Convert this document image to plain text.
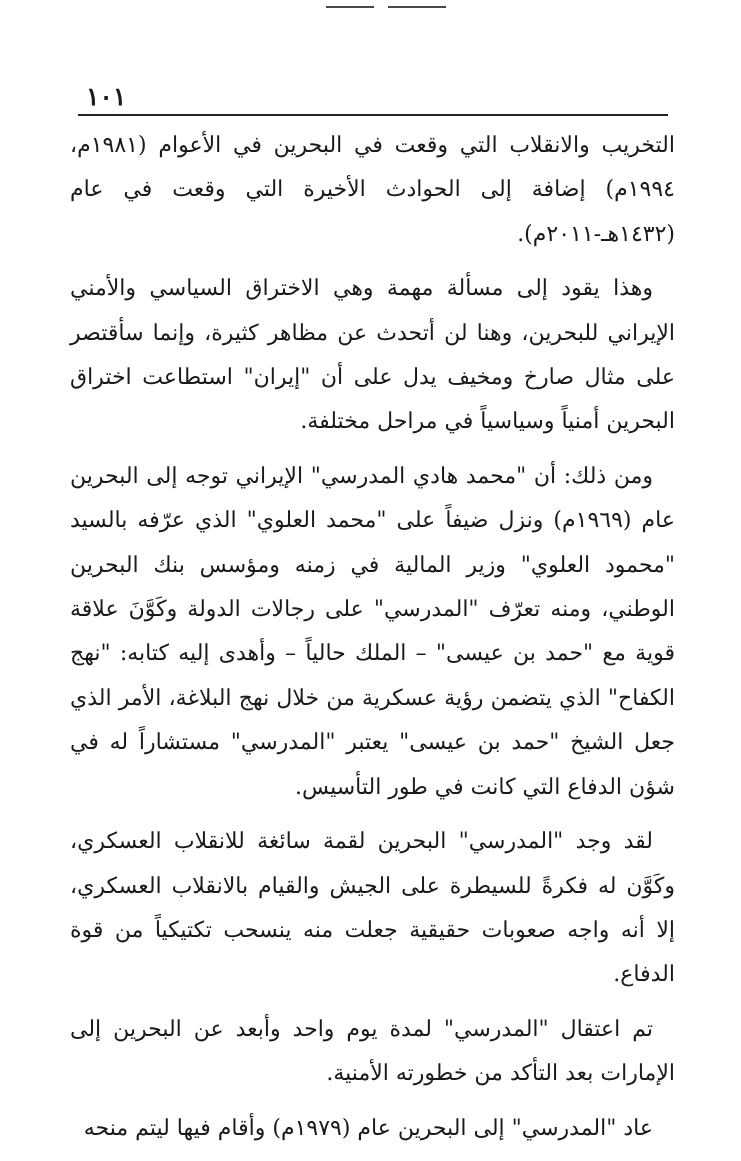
١٠١

التخريب والانقلاب التي وقعت في البحرين في الأعوام (١٩٨١م، ١٩٩٤م) إضافة إلى الحوادث الأخيرة التي وقعت في عام (١٤٣٢هـ-٢٠١١م).

وهذا يقود إلى مسألة مهمة وهي الاختراق السياسي والأمني الإيراني للبحرين، وهنا لن أتحدث عن مظاهر كثيرة، وإنما سأقتصر على مثال صارخ ومخيف يدل على أن "إيران" استطاعت اختراق البحرين أمنياً وسياسياً في مراحل مختلفة.

ومن ذلك: أن "محمد هادي المدرسي" الإيراني توجه إلى البحرين عام (١٩٦٩م) ونزل ضيفاً على "محمد العلوي" الذي عرّفه بالسيد "محمود العلوي" وزير المالية في زمنه ومؤسس بنك البحرين الوطني، ومنه تعرّف "المدرسي" على رجالات الدولة وكَوَّنَ علاقة قوية مع "حمد بن عيسى" – الملك حالياً – وأهدى إليه كتابه: "نهج الكفاح" الذي يتضمن رؤية عسكرية من خلال نهج البلاغة، الأمر الذي جعل الشيخ "حمد بن عيسى" يعتبر "المدرسي" مستشاراً له في شؤن الدفاع التي كانت في طور التأسيس.

لقد وجد "المدرسي" البحرين لقمة سائغة للانقلاب العسكري، وكَوَّن له فكرةً للسيطرة على الجيش والقيام بالانقلاب العسكري، إلا أنه واجه صعوبات حقيقية جعلت منه ينسحب تكتيكياً من قوة الدفاع.

تم اعتقال "المدرسي" لمدة يوم واحد وأبعد عن البحرين إلى الإمارات بعد التأكد من خطورته الأمنية.

عاد "المدرسي" إلى البحرين عام (١٩٧٩م) وأقام فيها ليتم منحه
